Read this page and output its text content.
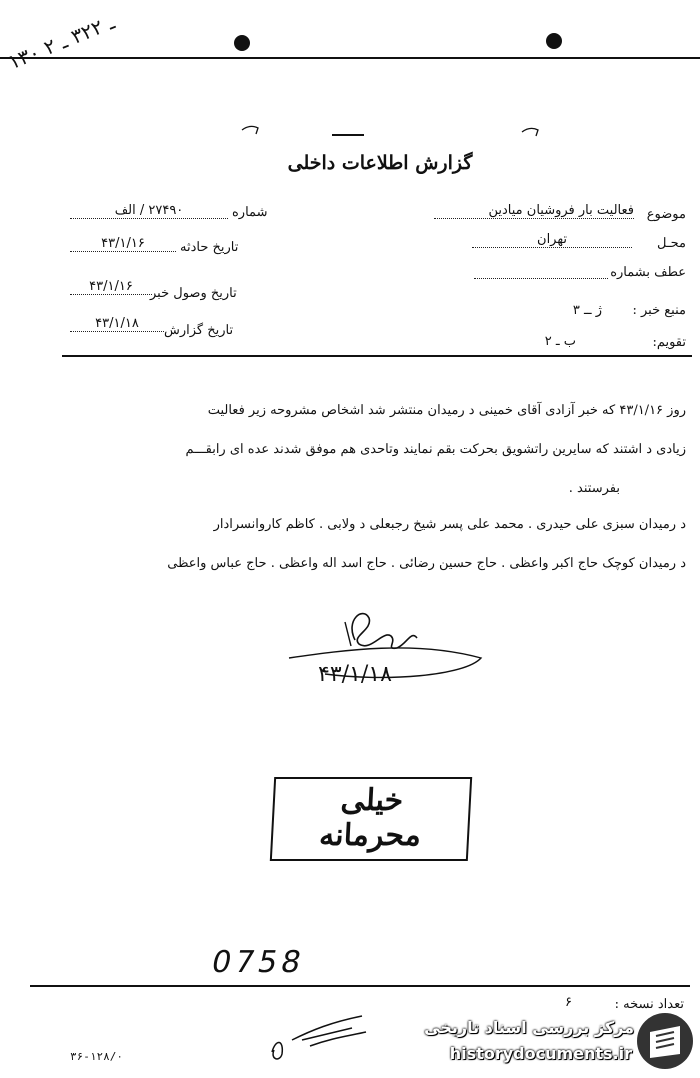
۱۳۰ ـ ۳۲۲ ـ ۲
گزارش اطلاعات داخلی
موضوع
فعالیت بار فروشیان میادین
محـل
تهران
عطف بشماره
منبع خبر :
ژ ــ ۳
تقویم:
ب ـ ۲
شماره
۲۷۴۹۰ / الف
تاریخ حادثه
۴۳/۱/۱۶
تاریخ وصول خبر
۴۳/۱/۱۶
تاریخ گزارش
۴۳/۱/۱۸
روز ۴۳/۱/۱۶ که خبر آزادی آقای خمینی د رمیدان منتشر شد اشخاص مشروحه زیر فعالیت
زیادی د اشتند که سایرین راتشویق بحرکت بقم نمایند وتاحدی هم موفق شدند عده ای رابقـــم
بفرستند .
د رمیدان سبزی علی حیدری . محمد علی پسر شیخ رجبعلی د ولابی . کاظم کاروانسرادار
د رمیدان کوچک حاج اکبر واعظی . حاج حسین رضائی . حاج اسد اله واعظی . حاج عباس واعظی
۴۳/۱/۱۸
خیلی محرمانه
0758
تعداد نسخه :
۶
۳۶-۱۲۸/۰
مرکز بررسی اسناد تاریخی
historydocuments.ir
